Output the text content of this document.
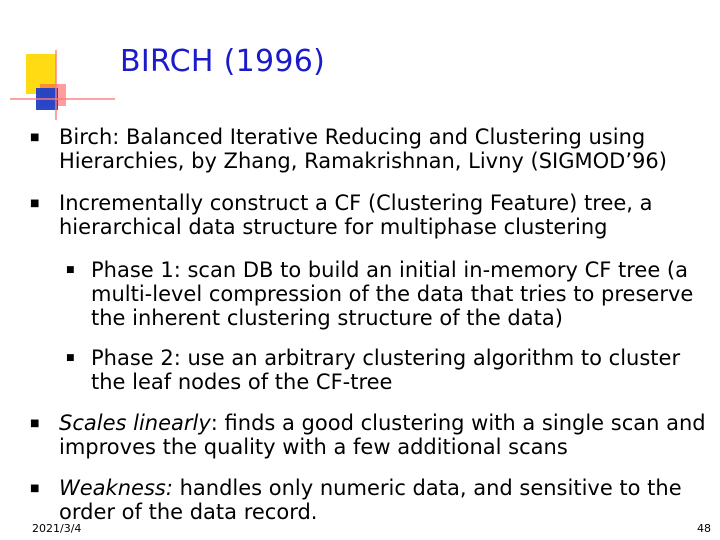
BIRCH (1996)
■ Birch: Balanced Iterative Reducing and Clustering using Hierarchies, by Zhang, Ramakrishnan, Livny (SIGMOD’96)
■ Incrementally construct a CF (Clustering Feature) tree, a hierarchical data structure for multiphase clustering
■ Phase 1: scan DB to build an initial in-memory CF tree (a multi-level compression of the data that tries to preserve the inherent clustering structure of the data)
■ Phase 2: use an arbitrary clustering algorithm to cluster the leaf nodes of the CF-tree
■ Scales linearly: finds a good clustering with a single scan and improves the quality with a few additional scans
■ Weakness: handles only numeric data, and sensitive to the order of the data record.
2021/3/4	48
